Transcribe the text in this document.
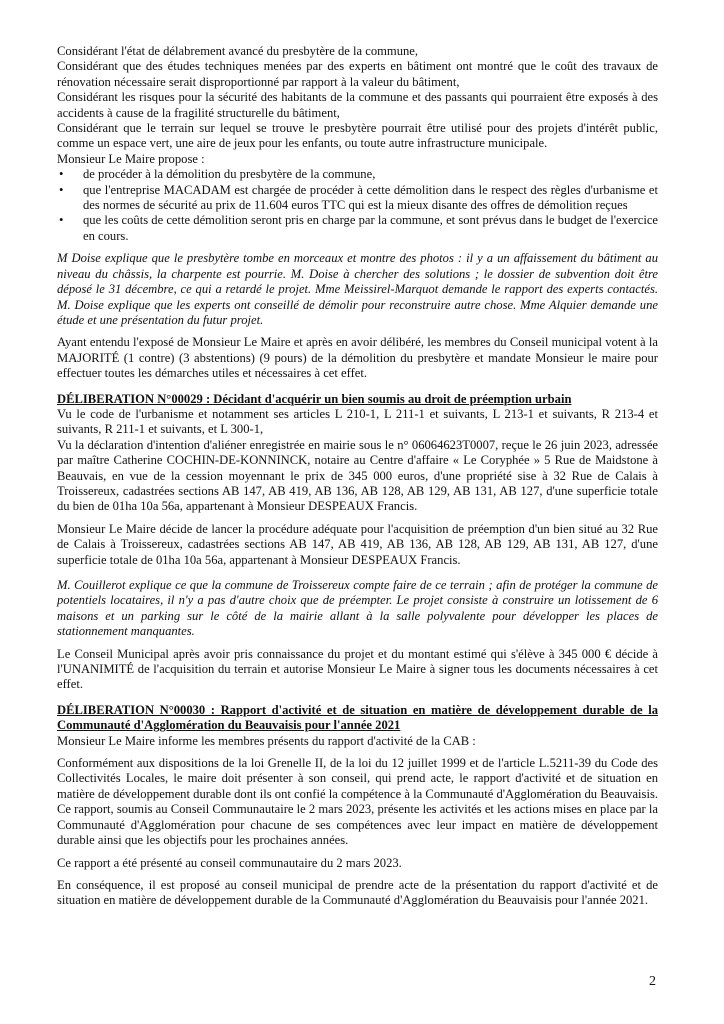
Considérant l'état de délabrement avancé du presbytère de la commune,

Considérant que des études techniques menées par des experts en bâtiment ont montré que le coût des travaux de rénovation nécessaire serait disproportionné par rapport à la valeur du bâtiment,

Considérant les risques pour la sécurité des habitants de la commune et des passants qui pourraient être exposés à des accidents à cause de la fragilité structurelle du bâtiment,

Considérant que le terrain sur lequel se trouve le presbytère pourrait être utilisé pour des projets d'intérêt public, comme un espace vert, une aire de jeux pour les enfants, ou toute autre infrastructure municipale.

Monsieur Le Maire propose :

• de procéder à la démolition du presbytère de la commune,
• que l'entreprise MACADAM est chargée de procéder à cette démolition dans le respect des règles d'urbanisme et des normes de sécurité au prix de 11.604 euros TTC qui est la mieux disante des offres de démolition reçues
• que les coûts de cette démolition seront pris en charge par la commune, et sont prévus dans le budget de l'exercice en cours.

M Doise explique que le presbytère tombe en morceaux et montre des photos : il y a un affaissement du bâtiment au niveau du châssis, la charpente est pourrie. M. Doise à chercher des solutions ; le dossier de subvention doit être déposé le 31 décembre, ce qui a retardé le projet. Mme Meissirel-Marquot demande le rapport des experts contactés. M. Doise explique que les experts ont conseillé de démolir pour reconstruire autre chose. Mme Alquier demande une étude et une présentation du futur projet.

Ayant entendu l'exposé de Monsieur Le Maire et après en avoir délibéré, les membres du Conseil municipal votent à la MAJORITÉ (1 contre) (3 abstentions) (9 pours) de la démolition du presbytère et mandate Monsieur le maire pour effectuer toutes les démarches utiles et nécessaires à cet effet.

DÉLIBERATION N°00029 : Décidant d'acquérir un bien soumis au droit de préemption urbain

Vu le code de l'urbanisme et notamment ses articles L 210-1, L 211-1 et suivants, L 213-1 et suivants, R 213-4 et suivants, R 211-1 et suivants, et L 300-1,

Vu la déclaration d'intention d'aliéner enregistrée en mairie sous le n° 06064623T0007, reçue le 26 juin 2023, adressée par maître Catherine COCHIN-DE-KONNINCK, notaire au Centre d'affaire « Le Coryphée » 5 Rue de Maidstone à Beauvais, en vue de la cession moyennant le prix de 345 000 euros, d'une propriété sise à 32 Rue de Calais à Troissereux, cadastrées sections AB 147, AB 419, AB 136, AB 128, AB 129, AB 131, AB 127, d'une superficie totale du bien de 01ha 10a 56a, appartenant à Monsieur DESPEAUX Francis.

Monsieur Le Maire décide de lancer la procédure adéquate pour l'acquisition de préemption d'un bien situé au 32 Rue de Calais à Troissereux, cadastrées sections AB 147, AB 419, AB 136, AB 128, AB 129, AB 131, AB 127, d'une superficie totale de 01ha 10a 56a, appartenant à Monsieur DESPEAUX Francis.

M. Couillerot explique ce que la commune de Troissereux compte faire de ce terrain ; afin de protéger la commune de potentiels locataires, il n'y a pas d'autre choix que de préempter. Le projet consiste à construire un lotissement de 6 maisons et un parking sur le côté de la mairie allant à la salle polyvalente pour développer les places de stationnement manquantes.

Le Conseil Municipal après avoir pris connaissance du projet et du montant estimé qui s'élève à 345 000 € décide à l'UNANIMITÉ de l'acquisition du terrain et autorise Monsieur Le Maire à signer tous les documents nécessaires à cet effet.

DÉLIBERATION N°00030 : Rapport d'activité et de situation en matière de développement durable de la Communauté d'Agglomération du Beauvaisis pour l'année 2021

Monsieur Le Maire informe les membres présents du rapport d'activité de la CAB :

Conformément aux dispositions de la loi Grenelle II, de la loi du 12 juillet 1999 et de l'article L.5211-39 du Code des Collectivités Locales, le maire doit présenter à son conseil, qui prend acte, le rapport d'activité et de situation en matière de développement durable dont ils ont confié la compétence à la Communauté d'Agglomération du Beauvaisis. Ce rapport, soumis au Conseil Communautaire le 2 mars 2023, présente les activités et les actions mises en place par la Communauté d'Agglomération pour chacune de ses compétences avec leur impact en matière de développement durable ainsi que les objectifs pour les prochaines années.

Ce rapport a été présenté au conseil communautaire du 2 mars 2023.

En conséquence, il est proposé au conseil municipal de prendre acte de la présentation du rapport d'activité et de situation en matière de développement durable de la Communauté d'Agglomération du Beauvaisis pour l'année 2021.

2
